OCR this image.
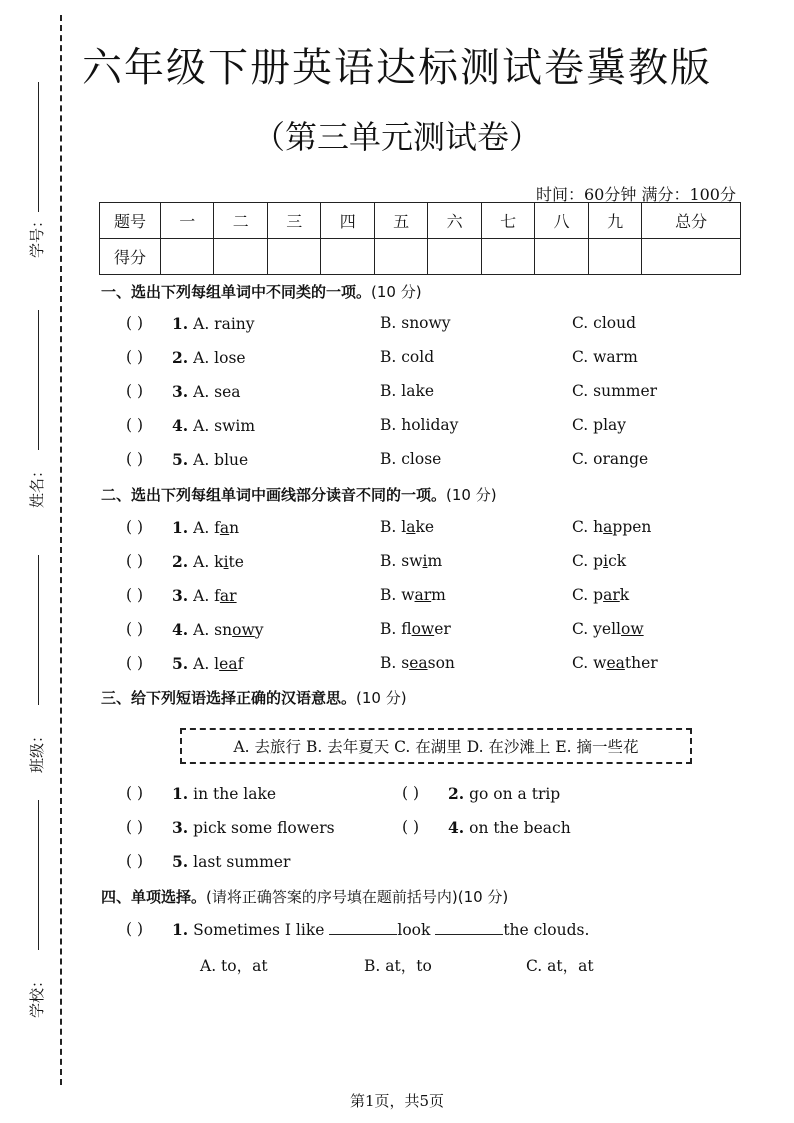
学号：
姓名：
班级：
学校：
六年级下册英语达标测试卷冀教版
（第三单元测试卷）
时间：60分钟 满分：100分
题号	一	二	三	四	五	六	七	八	九	总分
得分										
一、选出下列每组单词中不同类的一项。(10 分)
( ) 1. A. rainy	B. snowy	C. cloud
( ) 2. A. lose	B. cold	C. warm
( ) 3. A. sea	B. lake	C. summer
( ) 4. A. swim	B. holiday	C. play
( ) 5. A. blue	B. close	C. orange
二、选出下列每组单词中画线部分读音不同的一项。(10 分)
( ) 1. A. fan	B. lake	C. happen
( ) 2. A. kite	B. swim	C. pick
( ) 3. A. far	B. warm	C. park
( ) 4. A. snowy	B. flower	C. yellow
( ) 5. A. leaf	B. season	C. weather
三、给下列短语选择正确的汉语意思。(10 分)
A. 去旅行 B. 去年夏天 C. 在湖里 D. 在沙滩上 E. 摘一些花
( ) 1. in the lake	( ) 2. go on a trip
( ) 3. pick some flowers	( ) 4. on the beach
( ) 5. last summer
四、单项选择。(请将正确答案的序号填在题前括号内)(10 分)
( ) 1. Sometimes I like	look	the clouds.
A. to，at	B. at，to	C. at，at
第1页，共5页
